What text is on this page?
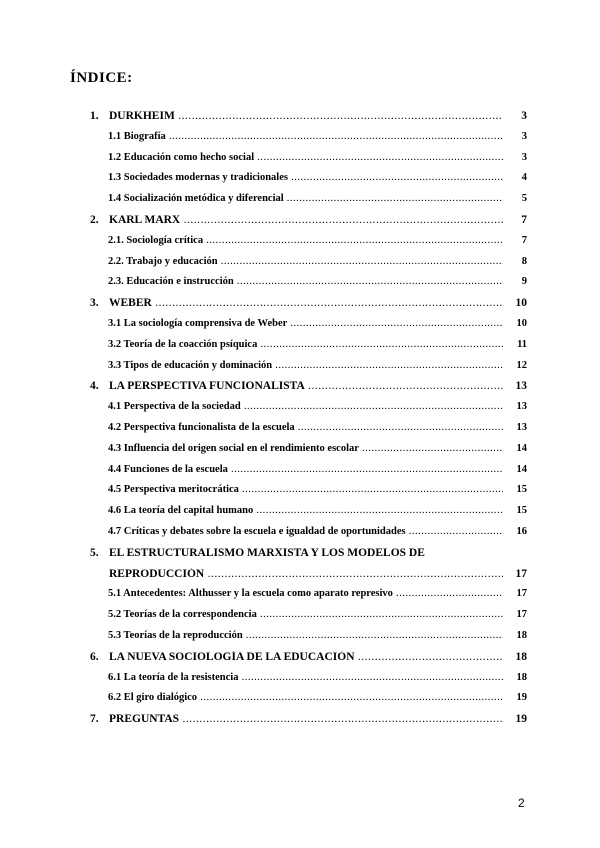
ÍNDICE:
1. DURKHEIM .....	3
1.1 Biografía .....	3
1.2 Educación como hecho social .....	3
1.3 Sociedades modernas y tradicionales .....	4
1.4 Socialización metódica y diferencial .....	5
2. KARL MARX .....	7
2.1. Sociología crítica .....	7
2.2. Trabajo y educación .....	8
2.3. Educación e instrucción .....	9
3. WEBER .....	10
3.1 La sociología comprensiva de Weber .....	10
3.2 Teoría de la coacción psíquica .....	11
3.3 Tipos de educación y dominación .....	12
4. LA PERSPECTIVA FUNCIONALISTA .....	13
4.1 Perspectiva de la sociedad .....	13
4.2 Perspectiva funcionalista de la escuela .....	13
4.3 Influencia del origen social en el rendimiento escolar .....	14
4.4 Funciones de la escuela .....	14
4.5 Perspectiva meritocrática .....	15
4.6 La teoría del capital humano .....	15
4.7 Críticas y debates sobre la escuela e igualdad de oportunidades .....	16
5. EL ESTRUCTURALISMO MARXISTA Y LOS MODELOS DE
REPRODUCCIÓN .....	17
5.1 Antecedentes: Althusser y la escuela como aparato represivo .....	17
5.2 Teorías de la correspondencia .....	17
5.3 Teorías de la reproducción .....	18
6. LA NUEVA SOCIOLOGÍA DE LA EDUCACIÓN .....	18
6.1 La teoría de la resistencia .....	18
6.2 El giro dialógico .....	19
7. PREGUNTAS .....	19
2
